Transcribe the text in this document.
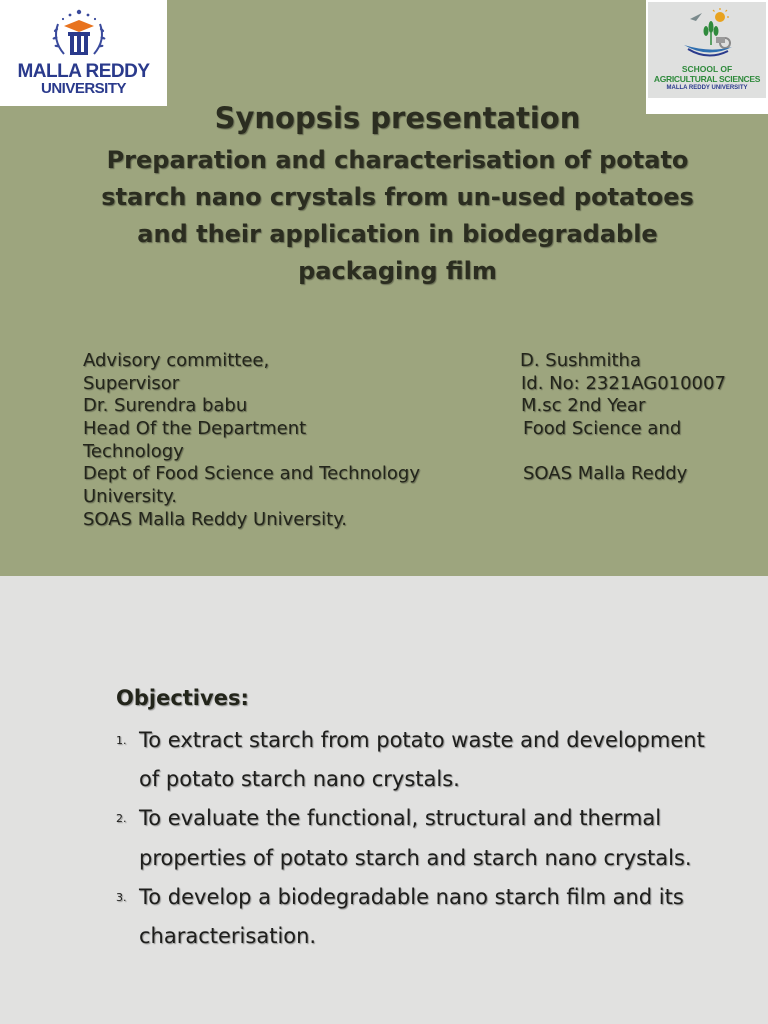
MALLA REDDY
UNIVERSITY
SCHOOL OF
AGRICULTURAL SCIENCES
MALLA REDDY UNIVERSITY
Synopsis presentation
Preparation and characterisation of potato starch nano crystals from un-used potatoes and their application in biodegradable packaging film
Advisory committee,
Supervisor
Dr. Surendra babu
Head Of the Department
Technology
Dept of Food Science and Technology
University.
SOAS Malla Reddy University.
D. Sushmitha
Id. No: 2321AG010007
M.sc 2nd Year
Food Science and
SOAS Malla Reddy
Objectives:
1. To extract starch from potato waste and development of potato starch nano crystals.
2. To evaluate the functional, structural and thermal properties of potato starch and starch nano crystals.
3. To develop a biodegradable nano starch film and its characterisation.
